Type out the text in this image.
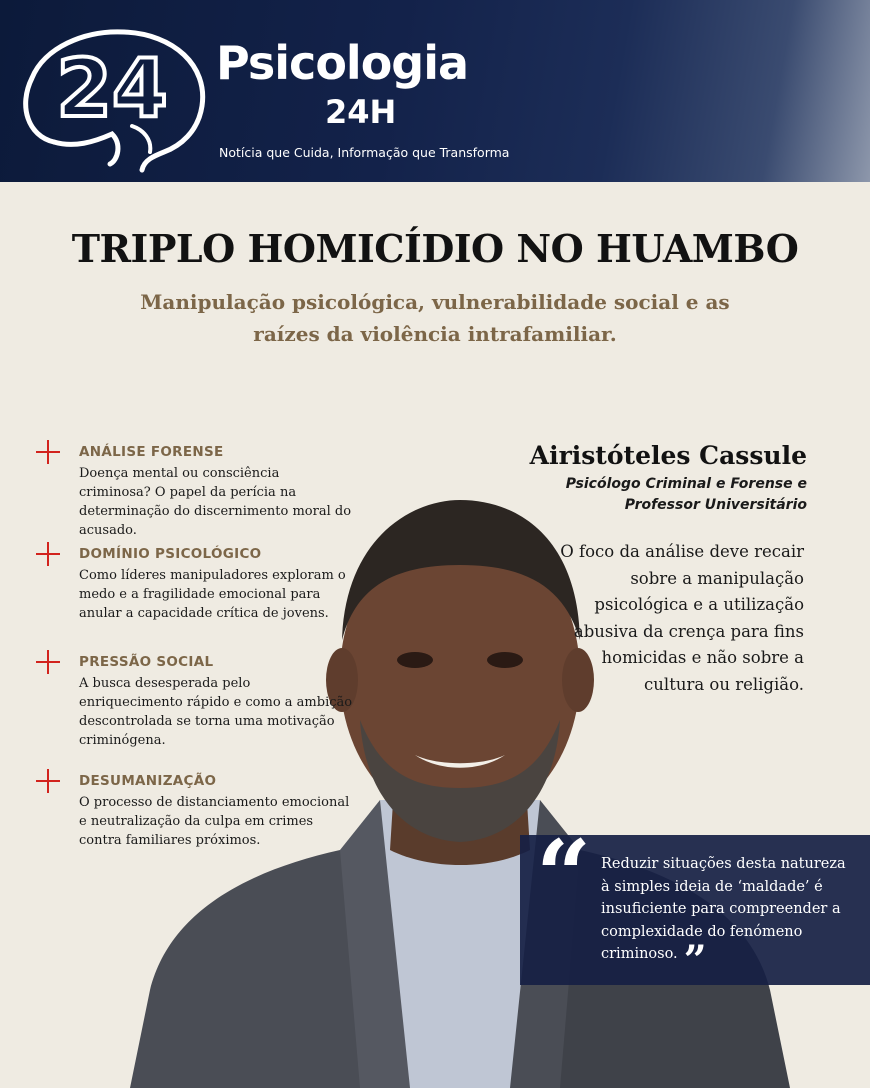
24 Psicologia
24H
Notícia que Cuida, Informação que Transforma
TRIPLO HOMICÍDIO NO HUAMBO
Manipulação psicológica, vulnerabilidade social e as raízes da violência intrafamiliar.
ANÁLISE FORENSE
Doença mental ou consciência criminosa? O papel da perícia na determinação do discernimento moral do acusado.
DOMÍNIO PSICOLÓGICO
Como líderes manipuladores exploram o medo e a fragilidade emocional para anular a capacidade crítica de jovens.
PRESSÃO SOCIAL
A busca desesperada pelo enriquecimento rápido e como a ambição descontrolada se torna uma motivação criminógena.
DESUMANIZAÇÃO
O processo de distanciamento emocional e neutralização da culpa em crimes contra familiares próximos.
Airistóteles Cassule
Psicólogo Criminal e Forense e Professor Universitário
O foco da análise deve recair sobre a manipulação psicológica e a utilização abusiva da crença para fins homicidas e não sobre a cultura ou religião.
“ Reduzir situações desta natureza à simples ideia de ‘maldade’ é insuficiente para compreender a complexidade do fenómeno criminoso. ”
